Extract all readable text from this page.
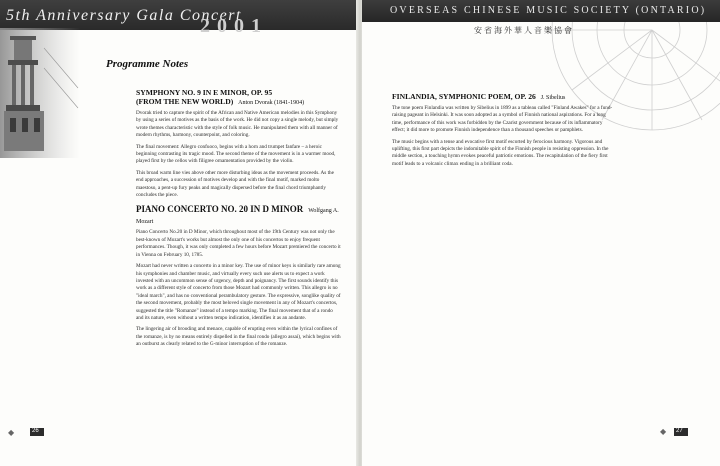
5th Anniversary Gala Concert
2001
Programme Notes
SYMPHONY NO. 9 IN E MINOR, OP. 95
(FROM THE NEW WORLD) Anton Dvorak (1841-1904)

Dvorak tried to capture the spirit of the African and Native American melodies in this Symphony by using a series of motives as the basis of the work. He did not copy a single melody, but simply wrote themes characteristic with the style of folk music. He manipulated them with all manner of modern rhythms, harmony, counterpoint, and coloring.

The final movement: Allegro confuoco, begins with a horn and trumpet fanfare – a heroic beginning contrasting its tragic mood. The second theme of the movement is in a warmer mood, played first by the cellos with filigree ornamentation provided by the violin.

This broad warm line vies above other more disturbing ideas as the movement proceeds. As the end approaches, a succession of motives develop and with the final motif, marked molto maestoso, a pent-up fury peaks and magically dispersed before the final chord triumphantly concludes the piece.

PIANO CONCERTO NO. 20 IN D MINOR Wolfgang A. Mozart

Piano Concerto No.20 in D Minor, which throughout most of the 19th Century was not only the best-known of Mozart's works but almost the only one of his concertos to enjoy frequent performances. Though, it was only completed a few hours before Mozart premiered the concerto it in Vienna on February 10, 1785.

Mozart had never written a concerto in a minor key. The use of minor keys is similarly rare among his symphonies and chamber music, and virtually every such use alerts us to expect a work invested with an uncommon sense of urgency, depth and poignancy. The first sounds identify this work as a different style of concerto from those Mozart had commonly written. This allegro is no "ideal march", and has no conventional perambulatory gesture. The expressive, songlike quality of the second movement, probably the most beloved single movement in any of Mozart's concertos, suggested the title "Romanze" instead of a tempo marking. The final movement that of a rondo and its nature, even without a written tempo indication, identifies it as an andante.

The lingering air of brooding and menace, capable of erupting even within the lyrical confines of the romanze, is by no means entirely dispelled in the final rondo (allegro assai), which begins with an outburst as clearly related to the G-minor interruption of the romanze.

◆	26
OVERSEAS CHINESE MUSIC SOCIETY (ONTARIO)
安省海外華人音樂協會
FINLANDIA, SYMPHONIC POEM, OP. 26 J. Sibelius

The tone poem Finlandia was written by Sibelius in 1899 as a tableau called "Finland Awakes" for a fund-raising pageant in Helsinki. It was soon adopted as a symbol of Finnish national aspirations. For a long time, performance of this work was forbidden by the Czarist government because of its inflammatory effect; it did more to promote Finnish independence than a thousand speeches or pamphlets.

The music begins with a tense and evocative first motif escorted by ferocious harmony. Vigorous and uplifting, this first part depicts the indomitable spirit of the Finnish people in resisting oppression. In the middle section, a touching hymn evokes peaceful patriotic emotions. The recapitulation of the fiery first motif leads to a volcanic climax ending in a brilliant coda.

◆ 27
